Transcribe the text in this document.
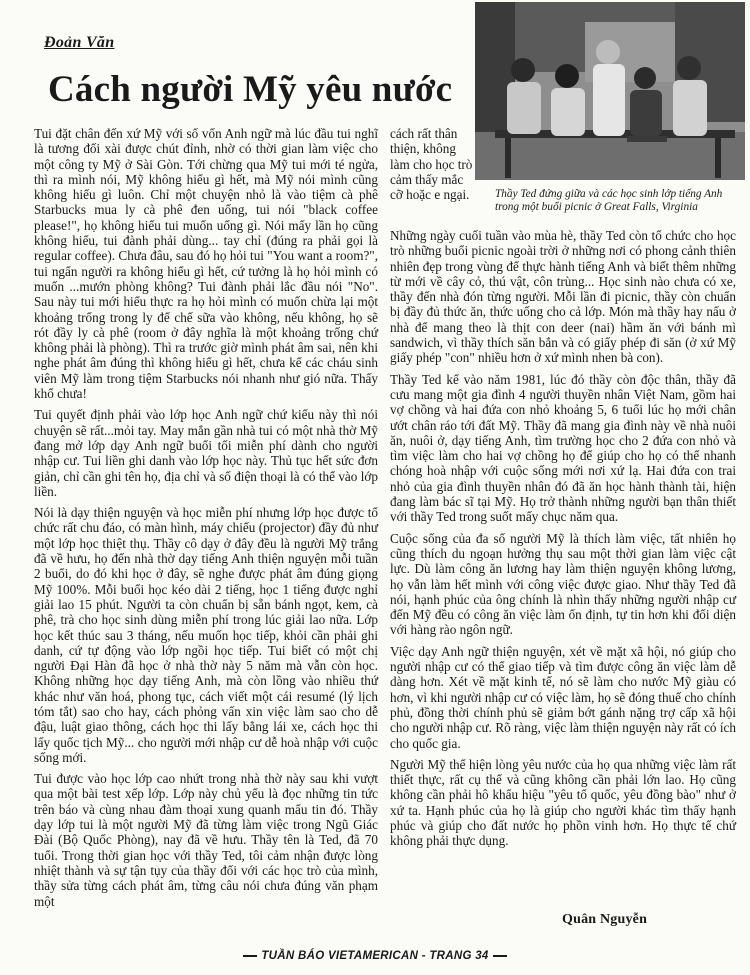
Đoản Văn
Cách người Mỹ yêu nước
Thầy Ted đứng giữa và các học sinh lớp tiếng Anh trong một buổi picnic ở Great Falls, Virginia

Tui đặt chân đến xứ Mỹ với số vốn Anh ngữ mà lúc đầu tui nghĩ là tương đối xài được chút đỉnh, nhờ có thời gian làm việc cho một công ty Mỹ ở Sài Gòn. Tới chừng qua Mỹ tui mới té ngửa, thì ra mình nói, Mỹ không hiểu gì hết, mà Mỹ nói mình cũng không hiểu gì luôn. Chỉ một chuyện nhỏ là vào tiệm cà phê Starbucks mua ly cà phê đen uống, tui nói "black coffee please!", họ không hiểu tui muốn uống gì. Nói mấy lần họ cũng không hiểu, tui đành phải dùng... tay chỉ (đúng ra phải gọi là regular coffee). Chưa đâu, sau đó họ hỏi tui "You want a room?", tui ngẩn người ra không hiểu gì hết, cứ tưởng là họ hỏi mình có muốn ...mướn phòng không? Tui đành phải lắc đầu nói "No". Sau này tui mới hiểu thực ra họ hỏi mình có muốn chừa lại một khoảng trống trong ly để chế sữa vào không, nếu không, họ sẽ rót đầy ly cà phê (room ở đây nghĩa là một khoảng trống chứ không phải là phòng). Thì ra trước giờ mình phát âm sai, nên khi nghe phát âm đúng thì không hiểu gì hết, chưa kể các cháu sinh viên Mỹ làm trong tiệm Starbucks nói nhanh như gió nữa. Thấy khổ chưa!

Tui quyết định phải vào lớp học Anh ngữ chứ kiểu này thì nói chuyện sẽ rất...mỏi tay. May mắn gần nhà tui có một nhà thờ Mỹ đang mở lớp dạy Anh ngữ buổi tối miễn phí dành cho người nhập cư. Tui liền ghi danh vào lớp học này. Thủ tục hết sức đơn giản, chỉ cần ghi tên họ, địa chỉ và số điện thoại là có thể vào lớp liền.

Nói là dạy thiện nguyện và học miễn phí nhưng lớp học được tổ chức rất chu đáo, có màn hình, máy chiếu (projector) đầy đủ như một lớp học thiệt thụ. Thầy cô dạy ở đây đều là người Mỹ trắng đã về hưu, họ đến nhà thờ dạy tiếng Anh thiện nguyện mỗi tuần 2 buổi, do đó khi học ở đây, sẽ nghe được phát âm đúng giọng Mỹ 100%. Mỗi buổi học kéo dài 2 tiếng, học 1 tiếng được nghỉ giải lao 15 phút. Người ta còn chuẩn bị sẵn bánh ngọt, kem, cà phê, trà cho học sinh dùng miễn phí trong lúc giải lao nữa. Lớp học kết thúc sau 3 tháng, nếu muốn học tiếp, khỏi cần phải ghi danh, cứ tự động vào lớp ngồi học tiếp. Tui biết có một chị người Đại Hàn đã học ở nhà thờ này 5 năm mà vẫn còn học. Không những học dạy tiếng Anh, mà còn lồng vào nhiều thứ khác như văn hoá, phong tục, cách viết một cái resumé (lý lịch tóm tắt) sao cho hay, cách phỏng vấn xin việc làm sao cho dễ đậu, luật giao thông, cách học thi lấy bằng lái xe, cách học thi lấy quốc tịch Mỹ... cho người mới nhập cư dễ hoà nhập với cuộc sống mới.

Tui được vào học lớp cao nhứt trong nhà thờ này sau khi vượt qua một bài test xếp lớp. Lớp này chủ yếu là đọc những tin tức trên báo và cùng nhau đàm thoại xung quanh mẩu tin đó. Thầy dạy lớp tui là một người Mỹ đã từng làm việc trong Ngũ Giác Đài (Bộ Quốc Phòng), nay đã về hưu. Thầy tên là Ted, đã 70 tuổi. Trong thời gian học với thầy Ted, tôi cảm nhận được lòng nhiệt thành và sự tận tụy của thầy đối với các học trò của mình, thầy sửa từng cách phát âm, từng câu nói chưa đúng văn phạm một

cách rất thân thiện, không làm cho học trò cảm thấy mắc cỡ hoặc e ngại.

Những ngày cuối tuần vào mùa hè, thầy Ted còn tổ chức cho học trò những buổi picnic ngoài trời ở những nơi có phong cảnh thiên nhiên đẹp trong vùng để thực hành tiếng Anh và biết thêm những từ mới về cây cỏ, thú vật, côn trùng... Học sinh nào chưa có xe, thầy đến nhà đón từng người. Mỗi lần đi picnic, thầy còn chuẩn bị đầy đủ thức ăn, thức uống cho cả lớp. Món mà thầy hay nấu ở nhà để mang theo là thịt con deer (nai) hầm ăn với bánh mì sandwich, vì thầy thích săn bắn và có giấy phép đi săn (ở xứ Mỹ giấy phép "con" nhiều hơn ở xứ mình nhen bà con).

Thầy Ted kể vào năm 1981, lúc đó thầy còn độc thân, thầy đã cưu mang một gia đình 4 người thuyền nhân Việt Nam, gồm hai vợ chồng và hai đứa con nhỏ khoảng 5, 6 tuổi lúc họ mới chân ướt chân ráo tới đất Mỹ. Thầy đã mang gia đình này về nhà nuôi ăn, nuôi ở, dạy tiếng Anh, tìm trường học cho 2 đứa con nhỏ và tìm việc làm cho hai vợ chồng họ để giúp cho họ có thể nhanh chóng hoà nhập với cuộc sống mới nơi xứ lạ. Hai đứa con trai nhỏ của gia đình thuyền nhân đó đã ăn học hành thành tài, hiện đang làm bác sĩ tại Mỹ. Họ trở thành những người bạn thân thiết với thầy Ted trong suốt mấy chục năm qua.

Cuộc sống của đa số người Mỹ là thích làm việc, tất nhiên họ cũng thích du ngoạn hưởng thụ sau một thời gian làm việc cật lực. Dù làm công ăn lương hay làm thiện nguyện không lương, họ vẫn làm hết mình với công việc được giao. Như thầy Ted đã nói, hạnh phúc của ông chính là nhìn thấy những người nhập cư đến Mỹ đều có công ăn việc làm ổn định, tự tin hơn khi đối diện với hàng rào ngôn ngữ.

Việc dạy Anh ngữ thiện nguyện, xét về mặt xã hội, nó giúp cho người nhập cư có thể giao tiếp và tìm được công ăn việc làm dễ dàng hơn. Xét về mặt kinh tế, nó sẽ làm cho nước Mỹ giàu có hơn, vì khi người nhập cư có việc làm, họ sẽ đóng thuế cho chính phủ, đồng thời chính phủ sẽ giảm bớt gánh nặng trợ cấp xã hội cho người nhập cư. Rõ ràng, việc làm thiện nguyện này rất có ích cho quốc gia.

Người Mỹ thể hiện lòng yêu nước của họ qua những việc làm rất thiết thực, rất cụ thể và cũng không cần phải lớn lao. Họ cũng không cần phải hô khẩu hiệu "yêu tổ quốc, yêu đồng bào" như ở xứ ta. Hạnh phúc của họ là giúp cho người khác tìm thấy hạnh phúc và giúp cho đất nước họ phồn vinh hơn. Họ thực tế chứ không phải thực dụng.

Quân Nguyễn
TUẦN BÁO VIETAMERICAN - TRANG 34
